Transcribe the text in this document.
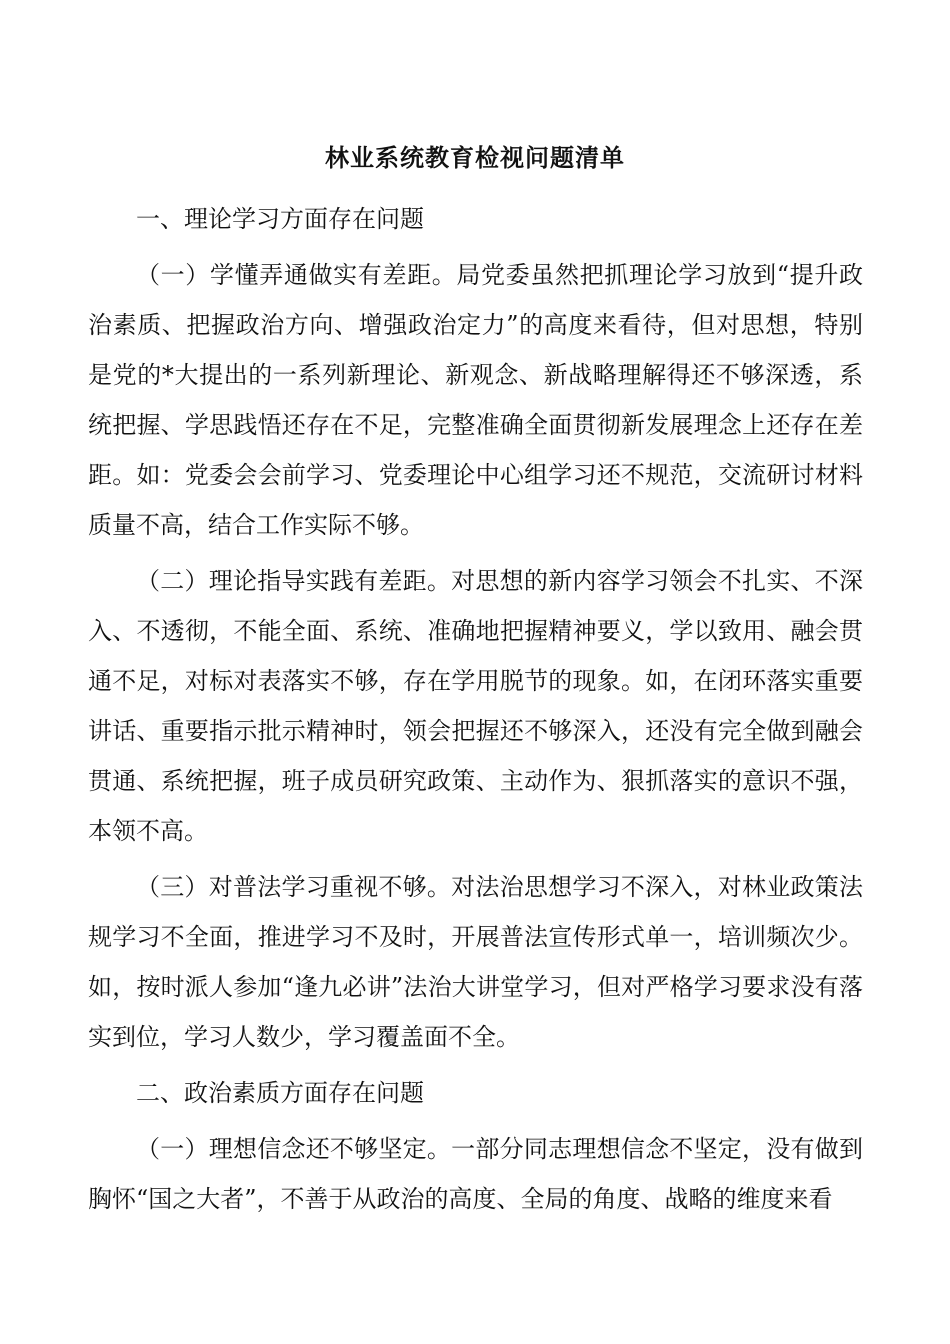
林业系统教育检视问题清单

一、理论学习方面存在问题

（一）学懂弄通做实有差距。局党委虽然把抓理论学习放到“提升政治素质、把握政治方向、增强政治定力”的高度来看待，但对思想，特别是党的*大提出的一系列新理论、新观念、新战略理解得还不够深透，系统把握、学思践悟还存在不足，完整准确全面贯彻新发展理念上还存在差距。如：党委会会前学习、党委理论中心组学习还不规范，交流研讨材料质量不高，结合工作实际不够。

（二）理论指导实践有差距。对思想的新内容学习领会不扎实、不深入、不透彻，不能全面、系统、准确地把握精神要义，学以致用、融会贯通不足，对标对表落实不够，存在学用脱节的现象。如，在闭环落实重要讲话、重要指示批示精神时，领会把握还不够深入，还没有完全做到融会贯通、系统把握，班子成员研究政策、主动作为、狠抓落实的意识不强，本领不高。

（三）对普法学习重视不够。对法治思想学习不深入，对林业政策法规学习不全面，推进学习不及时，开展普法宣传形式单一，培训频次少。如，按时派人参加“逢九必讲”法治大讲堂学习，但对严格学习要求没有落实到位，学习人数少，学习覆盖面不全。

二、政治素质方面存在问题

（一）理想信念还不够坚定。一部分同志理想信念不坚定，没有做到胸怀“国之大者”，不善于从政治的高度、全局的角度、战略的维度来看
